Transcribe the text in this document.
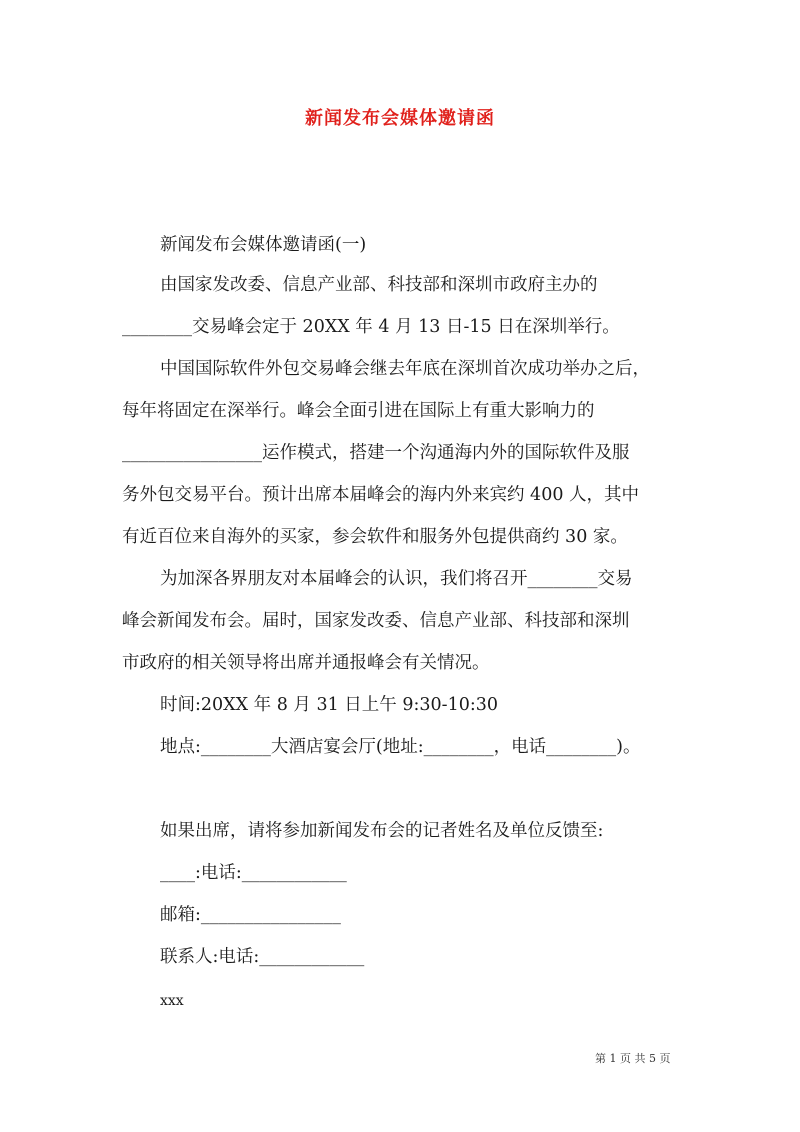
新闻发布会媒体邀请函
新闻发布会媒体邀请函(一)
由国家发改委、信息产业部、科技部和深圳市政府主办的
________交易峰会定于 20XX 年 4 月 13 日-15 日在深圳举行。
中国国际软件外包交易峰会继去年底在深圳首次成功举办之后，
每年将固定在深举行。峰会全面引进在国际上有重大影响力的
________________运作模式，搭建一个沟通海内外的国际软件及服
务外包交易平台。预计出席本届峰会的海内外来宾约 400 人，其中
有近百位来自海外的买家，参会软件和服务外包提供商约 30 家。
为加深各界朋友对本届峰会的认识，我们将召开________交易
峰会新闻发布会。届时，国家发改委、信息产业部、科技部和深圳
市政府的相关领导将出席并通报峰会有关情况。
时间:20XX 年 8 月 31 日上午 9:30-10:30
地点:________大酒店宴会厅(地址:________，电话________)。
如果出席，请将参加新闻发布会的记者姓名及单位反馈至:
____:电话:____________
邮箱:________________
联系人:电话:____________
xxx
第 1 页 共 5 页
